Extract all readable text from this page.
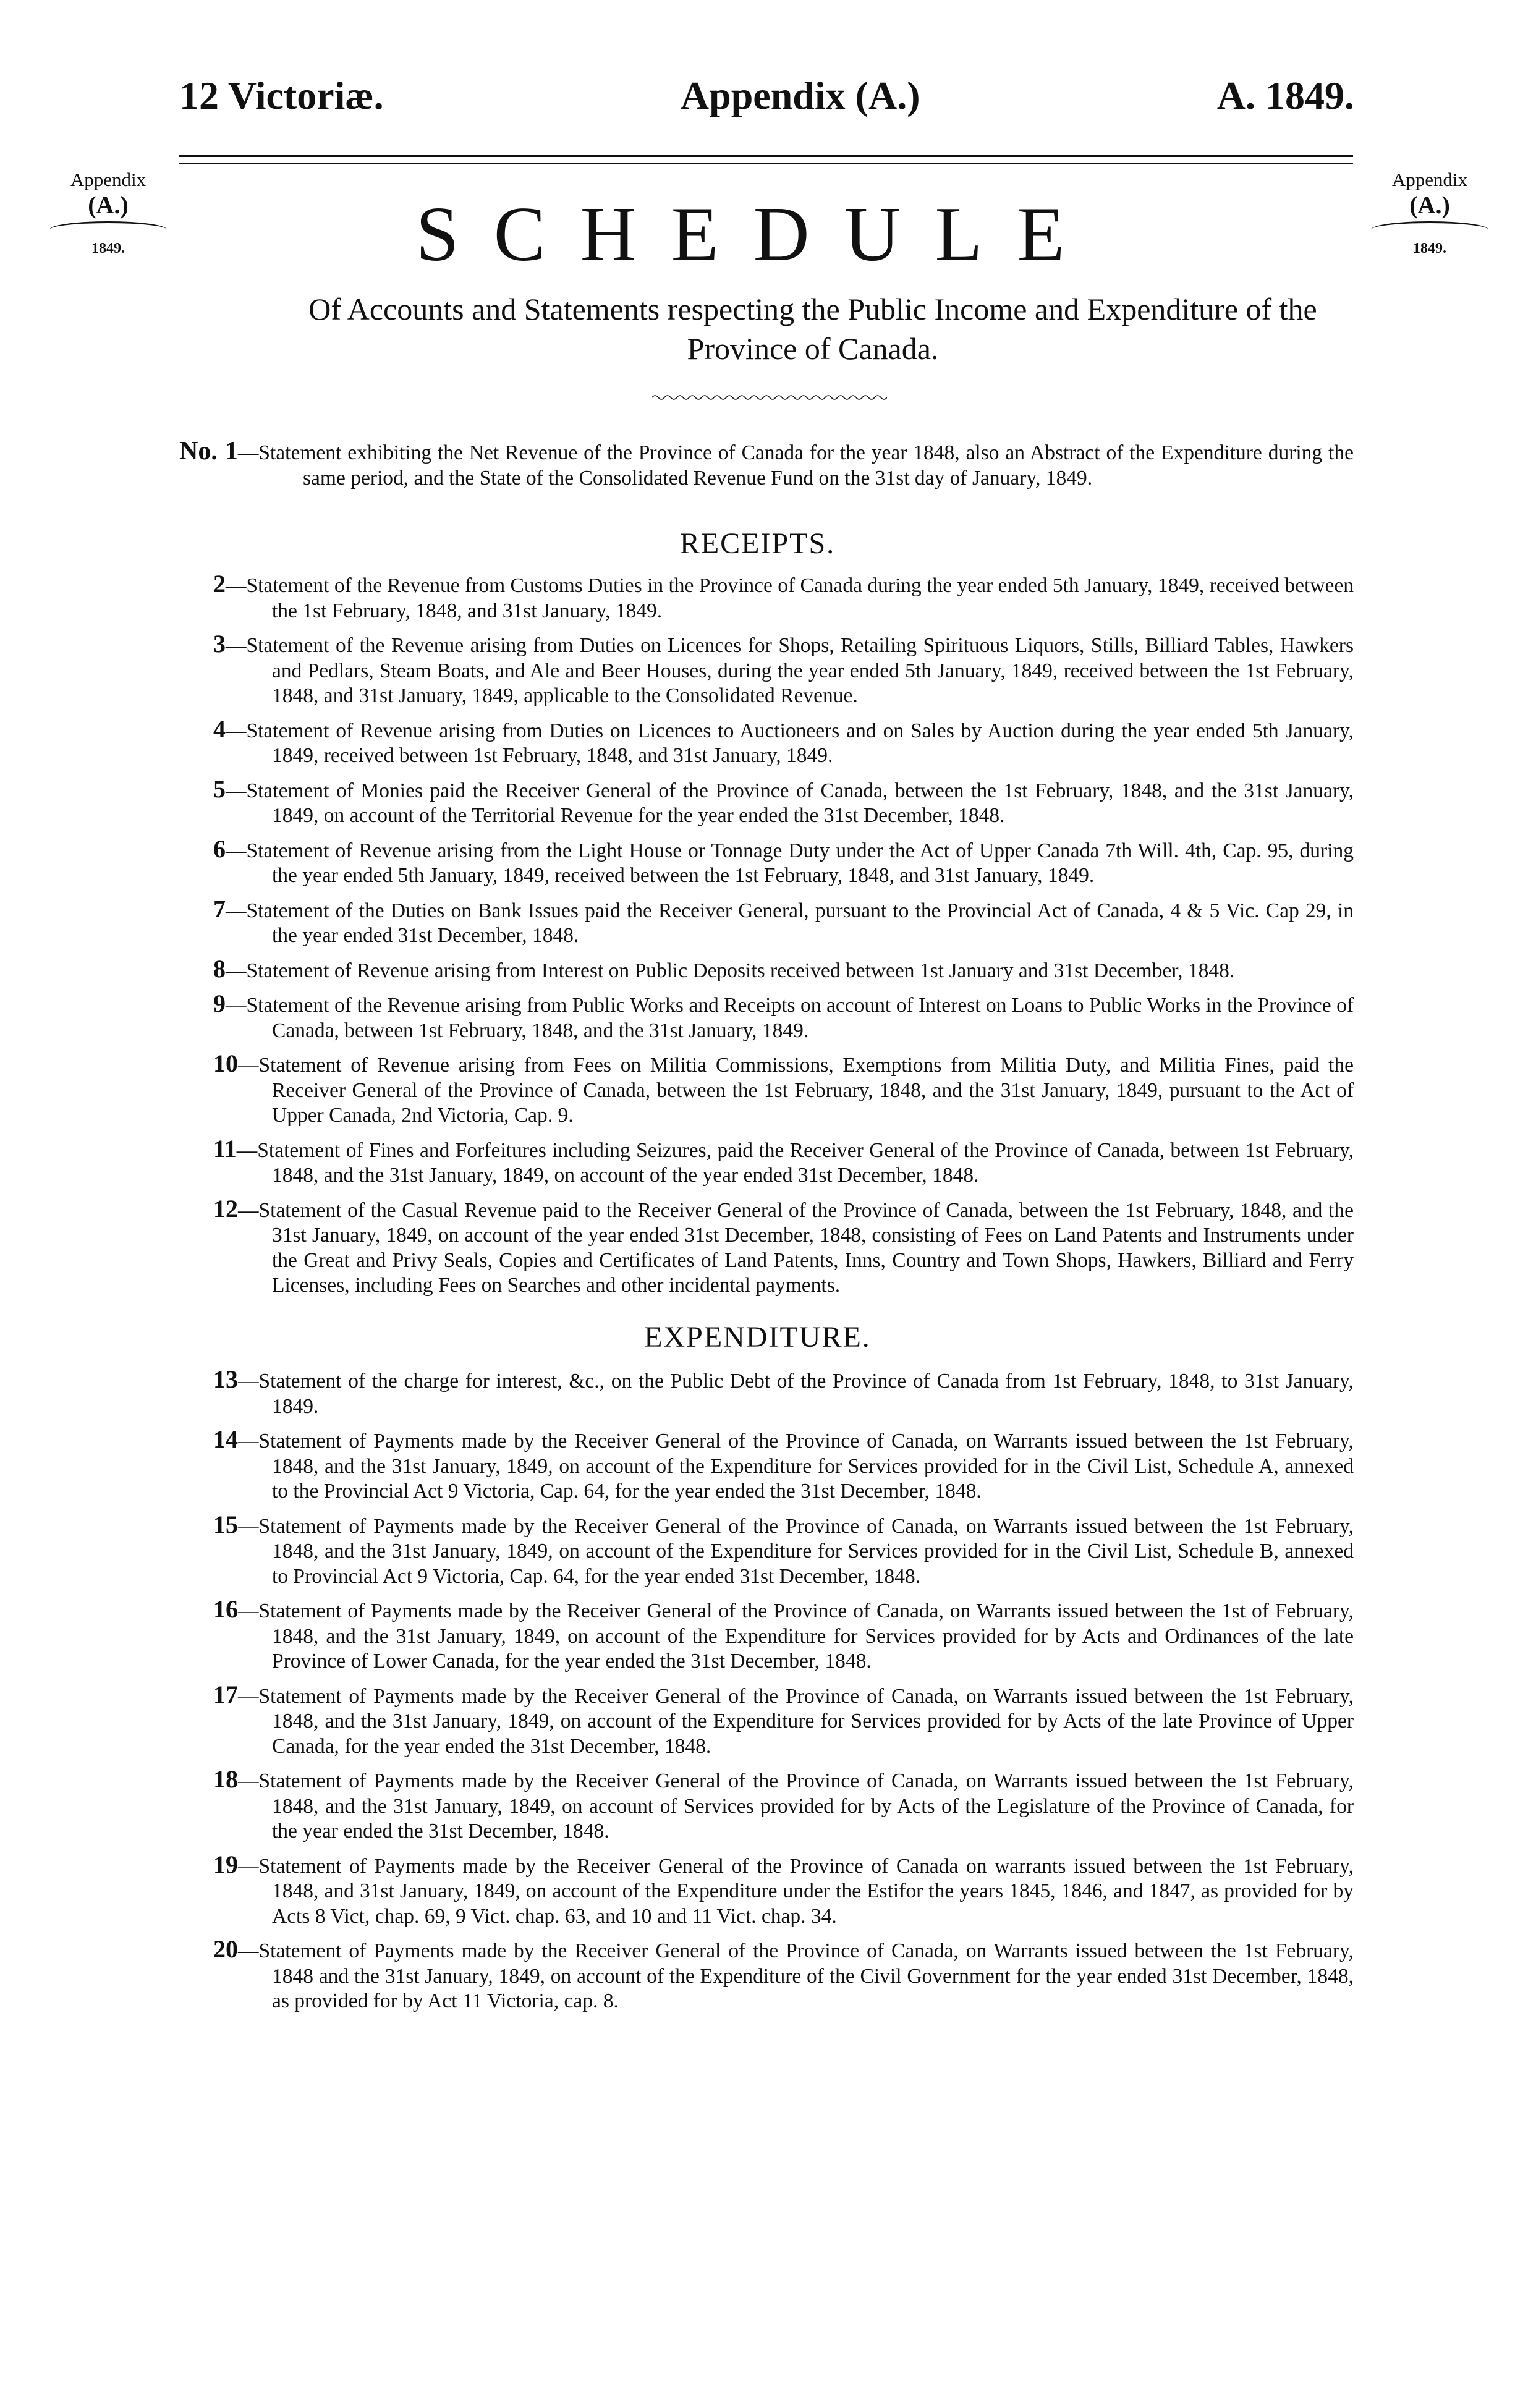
12 Victoriæ.	Appendix (A.)	A. 1849.
Appendix
(A.)
1849.
Appendix
(A.)
1849.
SCHEDULE
Of Accounts and Statements respecting the Public Income and Expenditure of the Province of Canada.
No. 1—Statement exhibiting the Net Revenue of the Province of Canada for the year 1848, also an Abstract of the Expenditure during the same period, and the State of the Consolidated Revenue Fund on the 31st day of January, 1849.
RECEIPTS.
2—Statement of the Revenue from Customs Duties in the Province of Canada during the year ended 5th January, 1849, received between the 1st February, 1848, and 31st January, 1849.
3—Statement of the Revenue arising from Duties on Licences for Shops, Retailing Spirituous Liquors, Stills, Billiard Tables, Hawkers and Pedlars, Steam Boats, and Ale and Beer Houses, during the year ended 5th January, 1849, received between the 1st February, 1848, and 31st January, 1849, applicable to the Consolidated Revenue.
4—Statement of Revenue arising from Duties on Licences to Auctioneers and on Sales by Auction during the year ended 5th January, 1849, received between 1st February, 1848, and 31st January, 1849.
5—Statement of Monies paid the Receiver General of the Province of Canada, between the 1st February, 1848, and the 31st January, 1849, on account of the Territorial Revenue for the year ended the 31st December, 1848.
6—Statement of Revenue arising from the Light House or Tonnage Duty under the Act of Upper Canada 7th Will. 4th, Cap. 95, during the year ended 5th January, 1849, received between the 1st February, 1848, and 31st January, 1849.
7—Statement of the Duties on Bank Issues paid the Receiver General, pursuant to the Provincial Act of Canada, 4 & 5 Vic. Cap 29, in the year ended 31st December, 1848.
8—Statement of Revenue arising from Interest on Public Deposits received between 1st January and 31st December, 1848.
9—Statement of the Revenue arising from Public Works and Receipts on account of Interest on Loans to Public Works in the Province of Canada, between 1st February, 1848, and the 31st January, 1849.
10—Statement of Revenue arising from Fees on Militia Commissions, Exemptions from Militia Duty, and Militia Fines, paid the Receiver General of the Province of Canada, between the 1st February, 1848, and the 31st January, 1849, pursuant to the Act of Upper Canada, 2nd Victoria, Cap. 9.
11—Statement of Fines and Forfeitures including Seizures, paid the Receiver General of the Province of Canada, between 1st February, 1848, and the 31st January, 1849, on account of the year ended 31st December, 1848.
12—Statement of the Casual Revenue paid to the Receiver General of the Province of Canada, between the 1st February, 1848, and the 31st January, 1849, on account of the year ended 31st December, 1848, consisting of Fees on Land Patents and Instruments under the Great and Privy Seals, Copies and Certificates of Land Patents, Inns, Country and Town Shops, Hawkers, Billiard and Ferry Licenses, including Fees on Searches and other incidental payments.
EXPENDITURE.
13—Statement of the charge for interest, &c., on the Public Debt of the Province of Canada from 1st February, 1848, to 31st January, 1849.
14—Statement of Payments made by the Receiver General of the Province of Canada, on Warrants issued between the 1st February, 1848, and the 31st January, 1849, on account of the Expenditure for Services provided for in the Civil List, Schedule A, annexed to the Provincial Act 9 Victoria, Cap. 64, for the year ended the 31st December, 1848.
15—Statement of Payments made by the Receiver General of the Province of Canada, on Warrants issued between the 1st February, 1848, and the 31st January, 1849, on account of the Expenditure for Services provided for in the Civil List, Schedule B, annexed to Provincial Act 9 Victoria, Cap. 64, for the year ended 31st December, 1848.
16—Statement of Payments made by the Receiver General of the Province of Canada, on Warrants issued between the 1st of February, 1848, and the 31st January, 1849, on account of the Expenditure for Services provided for by Acts and Ordinances of the late Province of Lower Canada, for the year ended the 31st December, 1848.
17—Statement of Payments made by the Receiver General of the Province of Canada, on Warrants issued between the 1st February, 1848, and the 31st January, 1849, on account of the Expenditure for Services provided for by Acts of the late Province of Upper Canada, for the year ended the 31st December, 1848.
18—Statement of Payments made by the Receiver General of the Province of Canada, on Warrants issued between the 1st February, 1848, and the 31st January, 1849, on account of Services provided for by Acts of the Legislature of the Province of Canada, for the year ended the 31st December, 1848.
19—Statement of Payments made by the Receiver General of the Province of Canada on warrants issued between the 1st February, 1848, and 31st January, 1849, on account of the Expenditure under the Estifor the years 1845, 1846, and 1847, as provided for by Acts 8 Vict, chap. 69, 9 Vict. chap. 63, and 10 and 11 Vict. chap. 34.
20—Statement of Payments made by the Receiver General of the Province of Canada, on Warrants issued between the 1st February, 1848 and the 31st January, 1849, on account of the Expenditure of the Civil Government for the year ended 31st December, 1848, as provided for by Act 11 Victoria, cap. 8.
